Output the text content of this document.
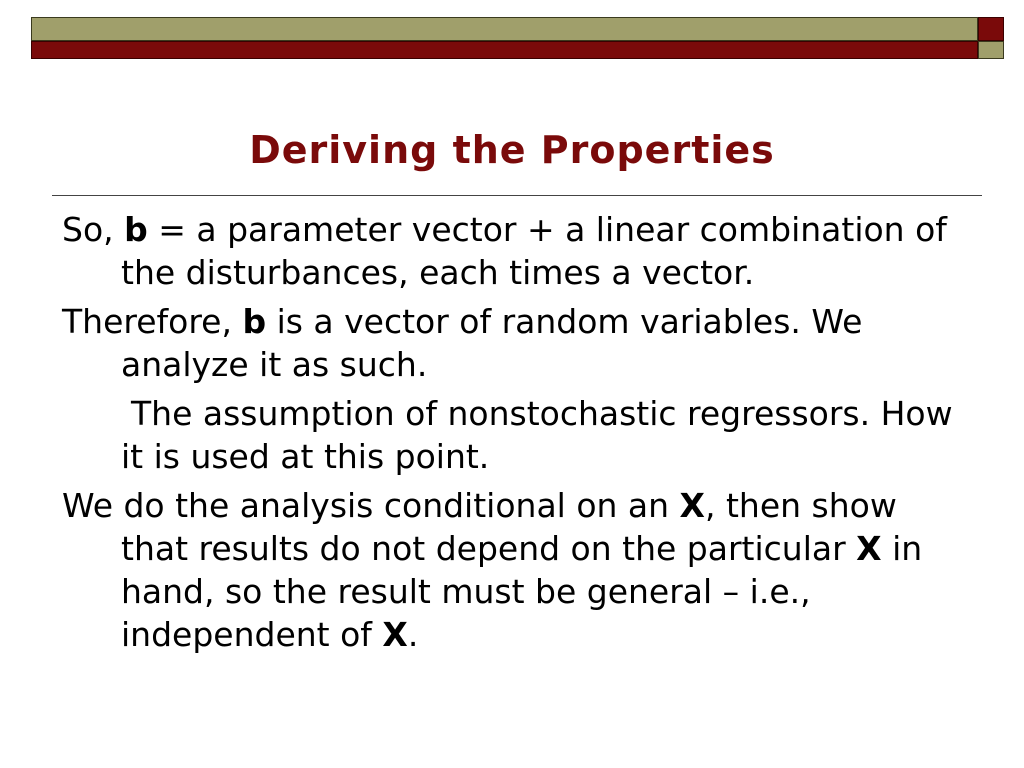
Deriving the Properties
So, b = a parameter vector + a linear combination of the disturbances, each times a vector.
Therefore, b is a vector of random variables. We analyze it as such.
The assumption of nonstochastic regressors. How it is used at this point.
We do the analysis conditional on an X, then show that results do not depend on the particular X in hand, so the result must be general – i.e., independent of X.
